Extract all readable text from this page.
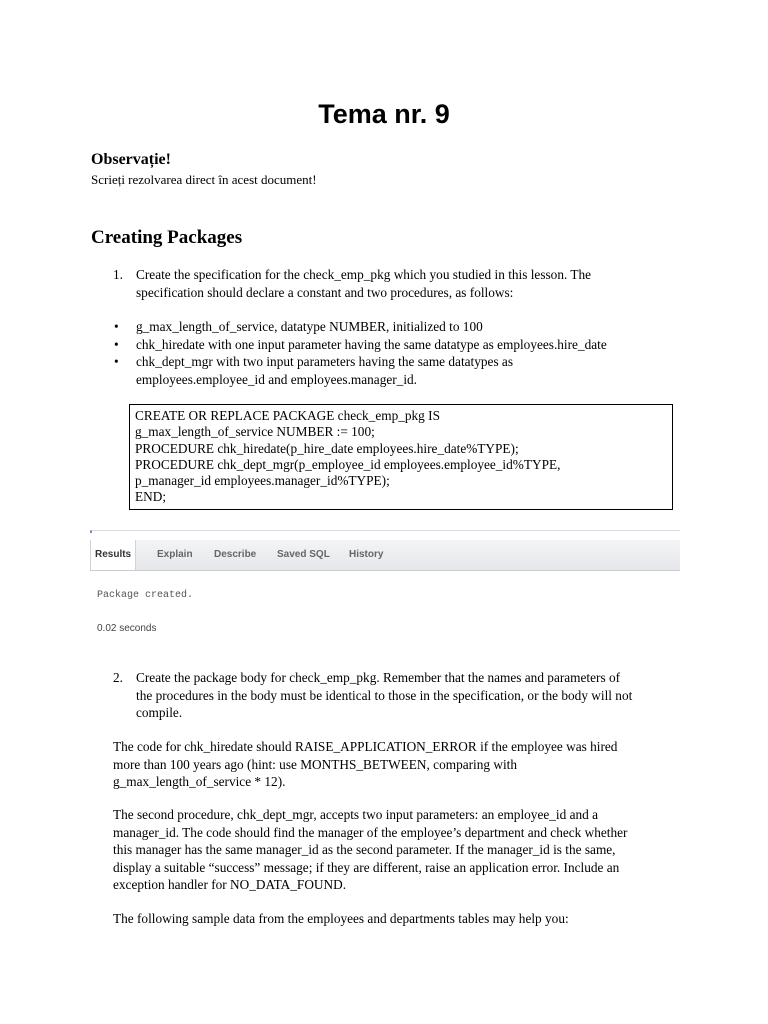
Tema nr. 9
Observație!
Scrieți rezolvarea direct în acest document!
Creating Packages
1. Create the specification for the check_emp_pkg which you studied in this lesson. The
specification should declare a constant and two procedures, as follows:
• g_max_length_of_service, datatype NUMBER, initialized to 100
• chk_hiredate with one input parameter having the same datatype as employees.hire_date
• chk_dept_mgr with two input parameters having the same datatypes as
employees.employee_id and employees.manager_id.
CREATE OR REPLACE PACKAGE check_emp_pkg IS
g_max_length_of_service NUMBER := 100;
PROCEDURE chk_hiredate(p_hire_date employees.hire_date%TYPE);
PROCEDURE chk_dept_mgr(p_employee_id employees.employee_id%TYPE,
p_manager_id employees.manager_id%TYPE);
END;
Results	Explain	Describe	Saved SQL	History
Package created.
0.02 seconds
2. Create the package body for check_emp_pkg. Remember that the names and parameters of
the procedures in the body must be identical to those in the specification, or the body will not
compile.
The code for chk_hiredate should RAISE_APPLICATION_ERROR if the employee was hired
more than 100 years ago (hint: use MONTHS_BETWEEN, comparing with
g_max_length_of_service * 12).
The second procedure, chk_dept_mgr, accepts two input parameters: an employee_id and a
manager_id. The code should find the manager of the employee’s department and check whether
this manager has the same manager_id as the second parameter. If the manager_id is the same,
display a suitable “success” message; if they are different, raise an application error. Include an
exception handler for NO_DATA_FOUND.
The following sample data from the employees and departments tables may help you:
